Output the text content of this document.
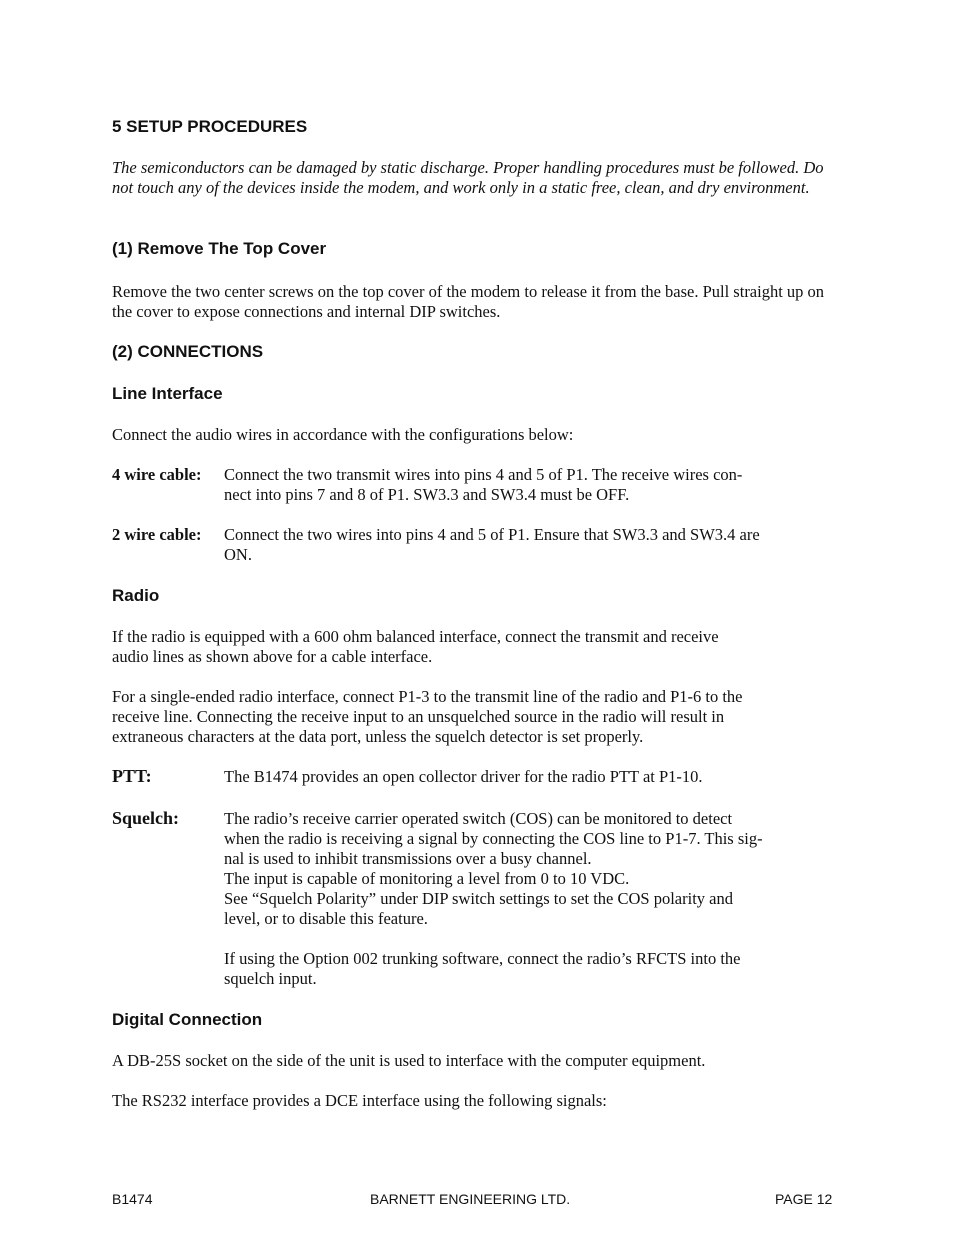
5 SETUP PROCEDURES
The semiconductors can be damaged by static discharge. Proper handling procedures must be followed. Do not touch any of the devices inside the modem, and work only in a static free, clean, and dry environment.
(1) Remove The Top Cover
Remove the two center screws on the top cover of the modem to release it from the base. Pull straight up on the cover to expose connections and internal DIP switches.
(2) CONNECTIONS
Line Interface
Connect the audio wires in accordance with the configurations below:
4 wire cable: Connect the two transmit wires into pins 4 and 5 of P1. The receive wires con-
nect into pins 7 and 8 of P1. SW3.3 and SW3.4 must be OFF.
2 wire cable: Connect the two wires into pins 4 and 5 of P1. Ensure that SW3.3 and SW3.4 are
ON.
Radio
If the radio is equipped with a 600 ohm balanced interface, connect the transmit and receive
audio lines as shown above for a cable interface.
For a single-ended radio interface, connect P1-3 to the transmit line of the radio and P1-6 to the
receive line. Connecting the receive input to an unsquelched source in the radio will result in
extraneous characters at the data port, unless the squelch detector is set properly.
PTT:	The B1474 provides an open collector driver for the radio PTT at P1-10.
Squelch:	The radio’s receive carrier operated switch (COS) can be monitored to detect
when the radio is receiving a signal by connecting the COS line to P1-7. This sig-
nal is used to inhibit transmissions over a busy channel.
The input is capable of monitoring a level from 0 to 10 VDC.
See “Squelch Polarity” under DIP switch settings to set the COS polarity and
level, or to disable this feature.
If using the Option 002 trunking software, connect the radio’s RFCTS into the
squelch input.
Digital Connection
A DB-25S socket on the side of the unit is used to interface with the computer equipment.
The RS232 interface provides a DCE interface using the following signals:
B1474	BARNETT ENGINEERING LTD.	PAGE 12
